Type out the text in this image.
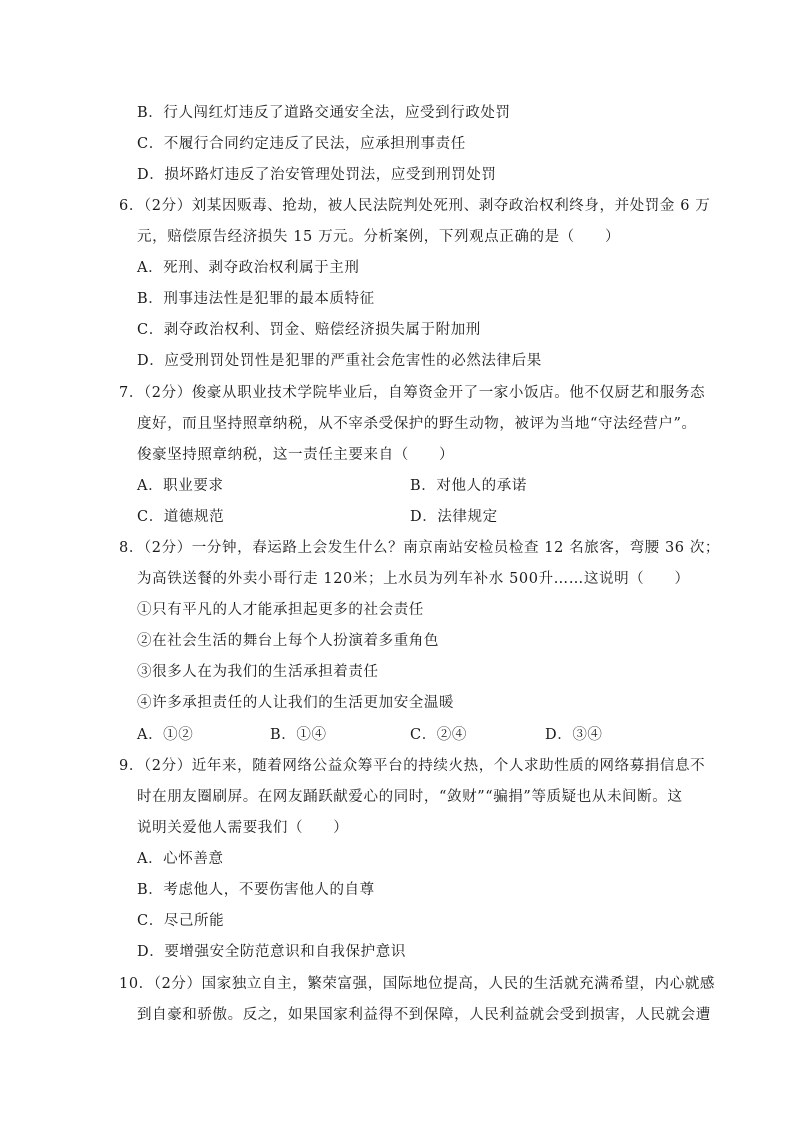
B．行人闯红灯违反了道路交通安全法，应受到行政处罚
C．不履行合同约定违反了民法，应承担刑事责任
D．损坏路灯违反了治安管理处罚法，应受到刑罚处罚
6．（2分）刘某因贩毒、抢劫，被人民法院判处死刑、剥夺政治权利终身，并处罚金 6 万
元，赔偿原告经济损失 15 万元。分析案例，下列观点正确的是（　　）
A．死刑、剥夺政治权利属于主刑
B．刑事违法性是犯罪的最本质特征
C．剥夺政治权利、罚金、赔偿经济损失属于附加刑
D．应受刑罚处罚性是犯罪的严重社会危害性的必然法律后果
7．（2分）俊豪从职业技术学院毕业后，自筹资金开了一家小饭店。他不仅厨艺和服务态
度好，而且坚持照章纳税，从不宰杀受保护的野生动物，被评为当地“守法经营户”。
俊豪坚持照章纳税，这一责任主要来自（　　）
A．职业要求	B．对他人的承诺
C．道德规范	D．法律规定
8．（2分）一分钟，春运路上会发生什么？南京南站安检员检查 12 名旅客，弯腰 36 次；
为高铁送餐的外卖小哥行走 120米；上水员为列车补水 500升……这说明（　　）
①只有平凡的人才能承担起更多的社会责任
②在社会生活的舞台上每个人扮演着多重角色
③很多人在为我们的生活承担着责任
④许多承担责任的人让我们的生活更加安全温暖
A．①②	B．①④	C．②④	D．③④
9．（2分）近年来，随着网络公益众筹平台的持续火热，个人求助性质的网络募捐信息不
时在朋友圈刷屏。在网友踊跃献爱心的同时，“敛财”“骗捐”等质疑也从未间断。这
说明关爱他人需要我们（　　）
A．心怀善意
B．考虑他人，不要伤害他人的自尊
C．尽己所能
D．要增强安全防范意识和自我保护意识
10．（2分）国家独立自主，繁荣富强，国际地位提高，人民的生活就充满希望，内心就感
到自豪和骄傲。反之，如果国家利益得不到保障，人民利益就会受到损害，人民就会遭
